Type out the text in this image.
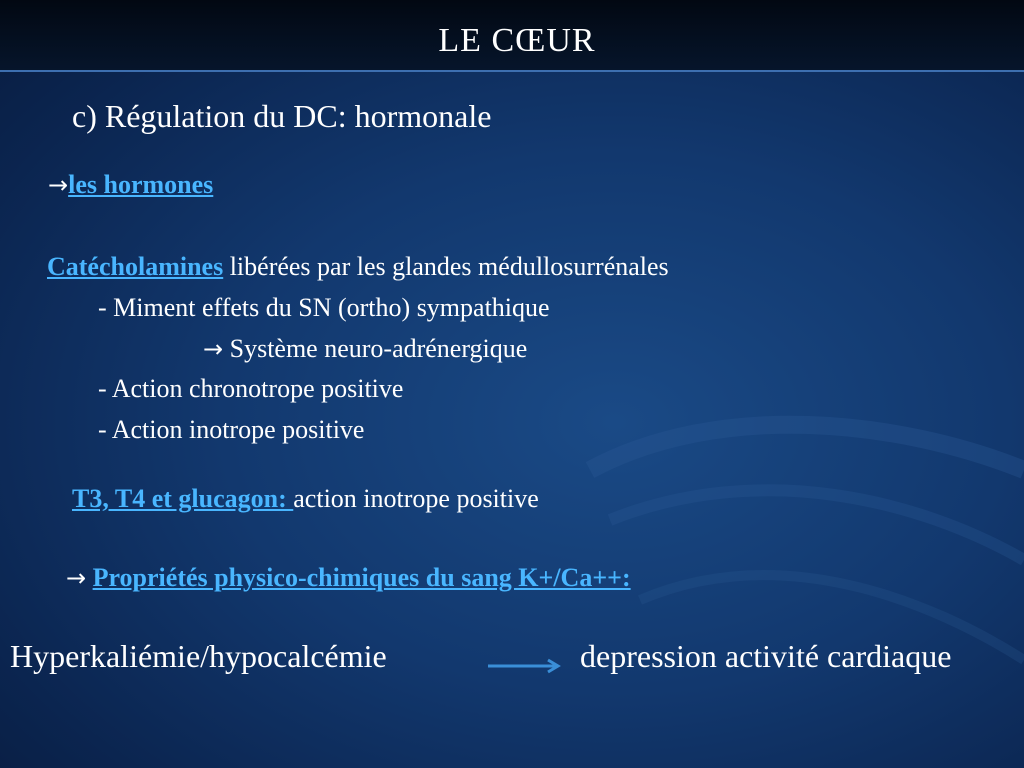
LE CŒUR
c) Régulation du DC: hormonale
→les hormones
Catécholamines libérées par les glandes médullosurrénales
- Miment effets du SN (ortho) sympathique
→ Système neuro-adrénergique
- Action chronotrope positive
- Action inotrope positive
T3, T4 et glucagon: action inotrope positive
→ Propriétés physico-chimiques du sang K+/Ca++:
Hyperkaliémie/hypocalcémie	depression activité cardiaque
